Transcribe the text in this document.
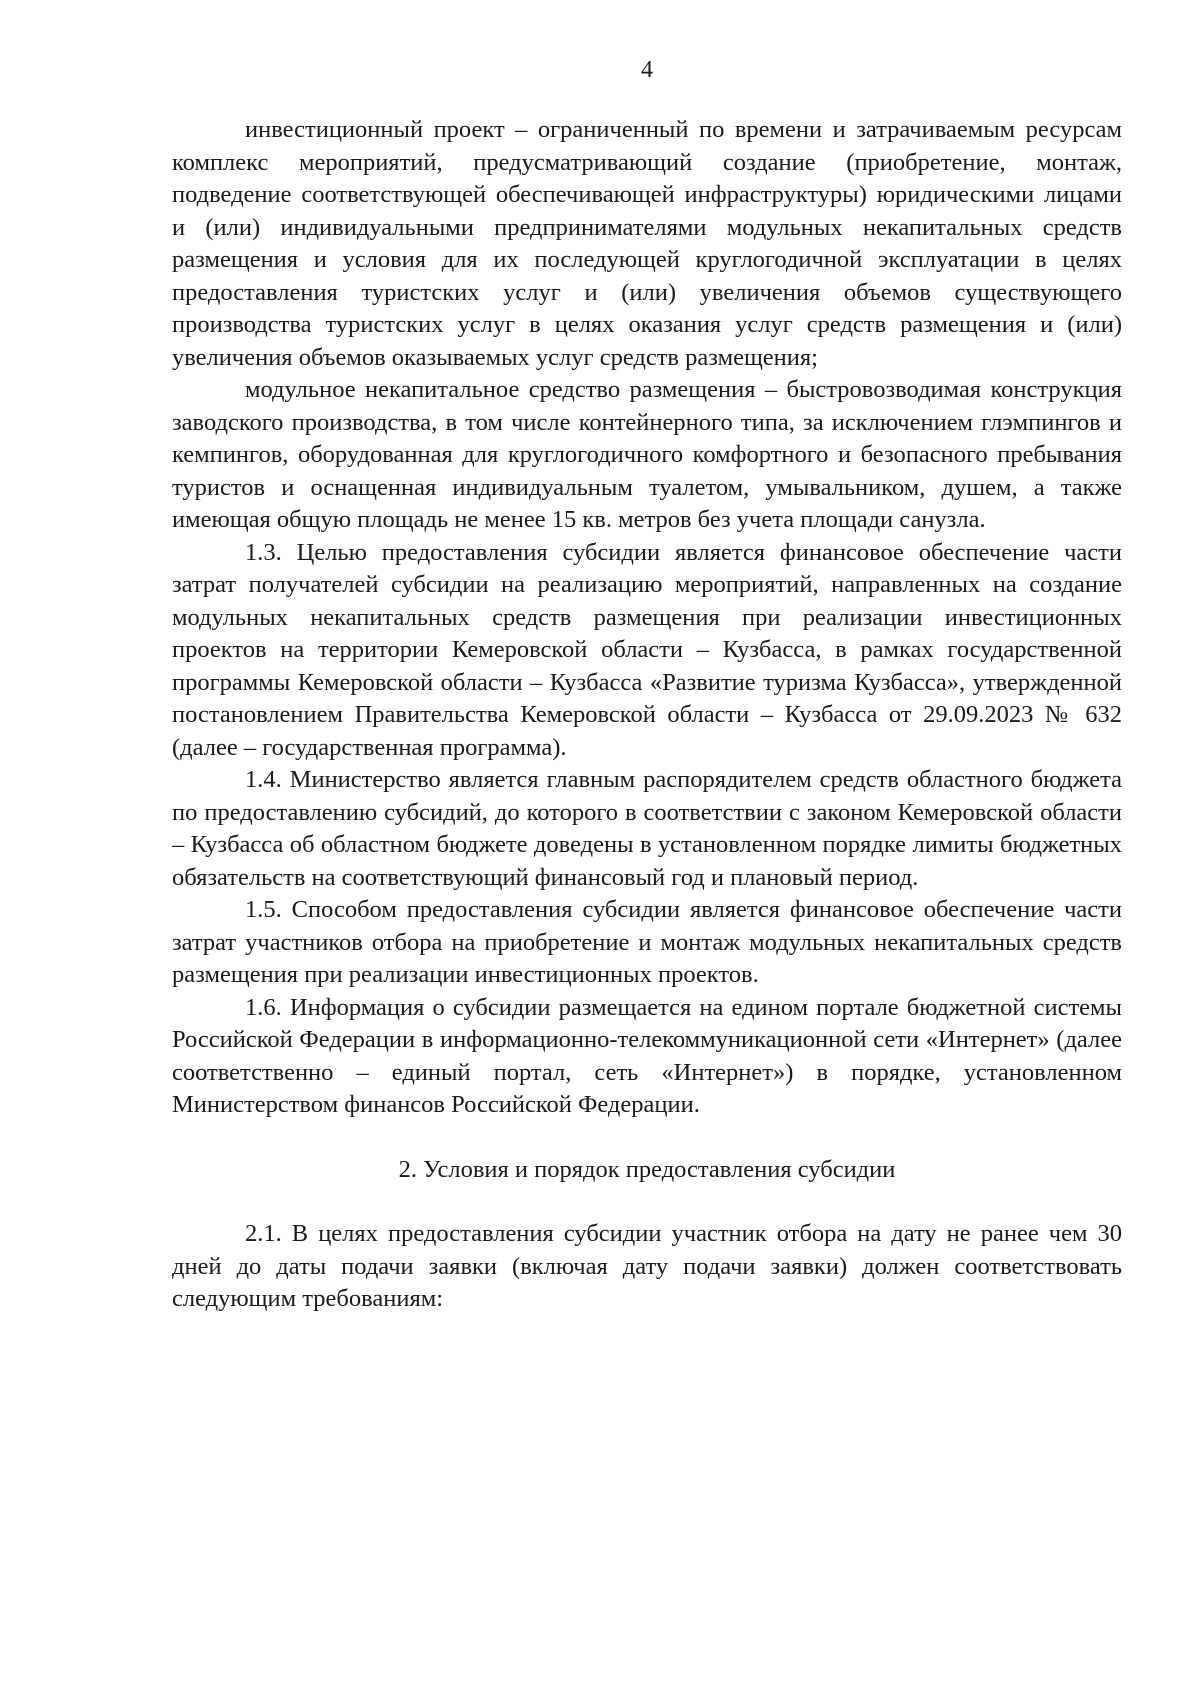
4

инвестиционный проект – ограниченный по времени и затрачиваемым ресурсам комплекс мероприятий, предусматривающий создание (приобретение, монтаж, подведение соответствующей обеспечивающей инфраструктуры) юридическими лицами и (или) индивидуальными предпринимателями модульных некапитальных средств размещения и условия для их последующей круглогодичной эксплуатации в целях предоставления туристских услуг и (или) увеличения объемов существующего производства туристских услуг в целях оказания услуг средств размещения и (или) увеличения объемов оказываемых услуг средств размещения;

модульное некапитальное средство размещения – быстровозводимая конструкция заводского производства, в том числе контейнерного типа, за исключением глэмпингов и кемпингов, оборудованная для круглогодичного комфортного и безопасного пребывания туристов и оснащенная индивидуальным туалетом, умывальником, душем, а также имеющая общую площадь не менее 15 кв. метров без учета площади санузла.

1.3. Целью предоставления субсидии является финансовое обеспечение части затрат получателей субсидии на реализацию мероприятий, направленных на создание модульных некапитальных средств размещения при реализации инвестиционных проектов на территории Кемеровской области – Кузбасса, в рамках государственной программы Кемеровской области – Кузбасса «Развитие туризма Кузбасса», утвержденной постановлением Правительства Кемеровской области – Кузбасса от 29.09.2023 № 632 (далее – государственная программа).

1.4. Министерство является главным распорядителем средств областного бюджета по предоставлению субсидий, до которого в соответствии с законом Кемеровской области – Кузбасса об областном бюджете доведены в установленном порядке лимиты бюджетных обязательств на соответствующий финансовый год и плановый период.

1.5. Способом предоставления субсидии является финансовое обеспечение части затрат участников отбора на приобретение и монтаж модульных некапитальных средств размещения при реализации инвестиционных проектов.

1.6. Информация о субсидии размещается на едином портале бюджетной системы Российской Федерации в информационно-телекоммуникационной сети «Интернет» (далее соответственно – единый портал, сеть «Интернет») в порядке, установленном Министерством финансов Российской Федерации.

2. Условия и порядок предоставления субсидии

2.1. В целях предоставления субсидии участник отбора на дату не ранее чем 30 дней до даты подачи заявки (включая дату подачи заявки) должен соответствовать следующим требованиям:
